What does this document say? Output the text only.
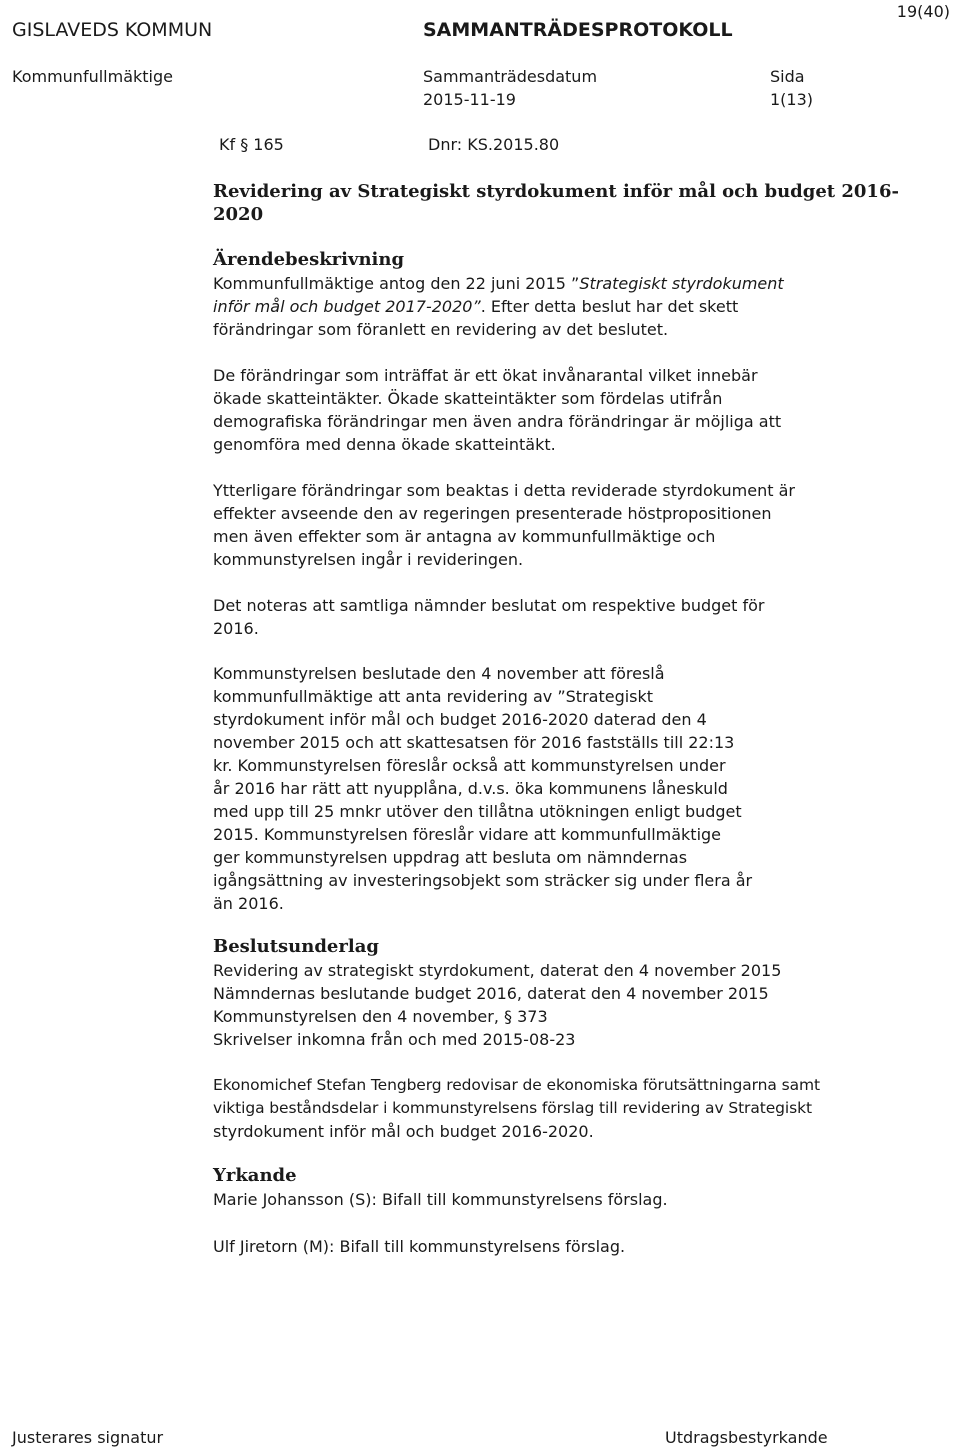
19(40)
GISLAVEDS KOMMUN	SAMMANTRÄDESPROTOKOLL
Kommunfullmäktige	Sammanträdesdatum	Sida
2015-11-19	1(13)
Kf § 165	Dnr: KS.2015.80
Revidering av Strategiskt styrdokument inför mål och budget 2016-
2020
Ärendebeskrivning
Kommunfullmäktige antog den 22 juni 2015 ”Strategiskt styrdokument
inför mål och budget 2017-2020”. Efter detta beslut har det skett
förändringar som föranlett en revidering av det beslutet.
De förändringar som inträffat är ett ökat invånarantal vilket innebär
ökade skatteintäkter. Ökade skatteintäkter som fördelas utifrån
demografiska förändringar men även andra förändringar är möjliga att
genomföra med denna ökade skatteintäkt.
Ytterligare förändringar som beaktas i detta reviderade styrdokument är
effekter avseende den av regeringen presenterade höstpropositionen
men även effekter som är antagna av kommunfullmäktige och
kommunstyrelsen ingår i revideringen.
Det noteras att samtliga nämnder beslutat om respektive budget för
2016.
Kommunstyrelsen beslutade den 4 november att föreslå
kommunfullmäktige att anta revidering av ”Strategiskt
styrdokument inför mål och budget 2016-2020 daterad den 4
november 2015 och att skattesatsen för 2016 fastställs till 22:13
kr. Kommunstyrelsen föreslår också att kommunstyrelsen under
år 2016 har rätt att nyupplåna, d.v.s. öka kommunens låneskuld
med upp till 25 mnkr utöver den tillåtna utökningen enligt budget
2015. Kommunstyrelsen föreslår vidare att kommunfullmäktige
ger kommunstyrelsen uppdrag att besluta om nämndernas
igångsättning av investeringsobjekt som sträcker sig under flera år
än 2016.
Beslutsunderlag
Revidering av strategiskt styrdokument, daterat den 4 november 2015
Nämndernas beslutande budget 2016, daterat den 4 november 2015
Kommunstyrelsen den 4 november, § 373
Skrivelser inkomna från och med 2015-08-23
Ekonomichef Stefan Tengberg redovisar de ekonomiska förutsättningarna samt
viktiga beståndsdelar i kommunstyrelsens förslag till revidering av Strategiskt
styrdokument inför mål och budget 2016-2020.
Yrkande
Marie Johansson (S): Bifall till kommunstyrelsens förslag.
Ulf Jiretorn (M): Bifall till kommunstyrelsens förslag.
Justerares signatur	Utdragsbestyrkande
